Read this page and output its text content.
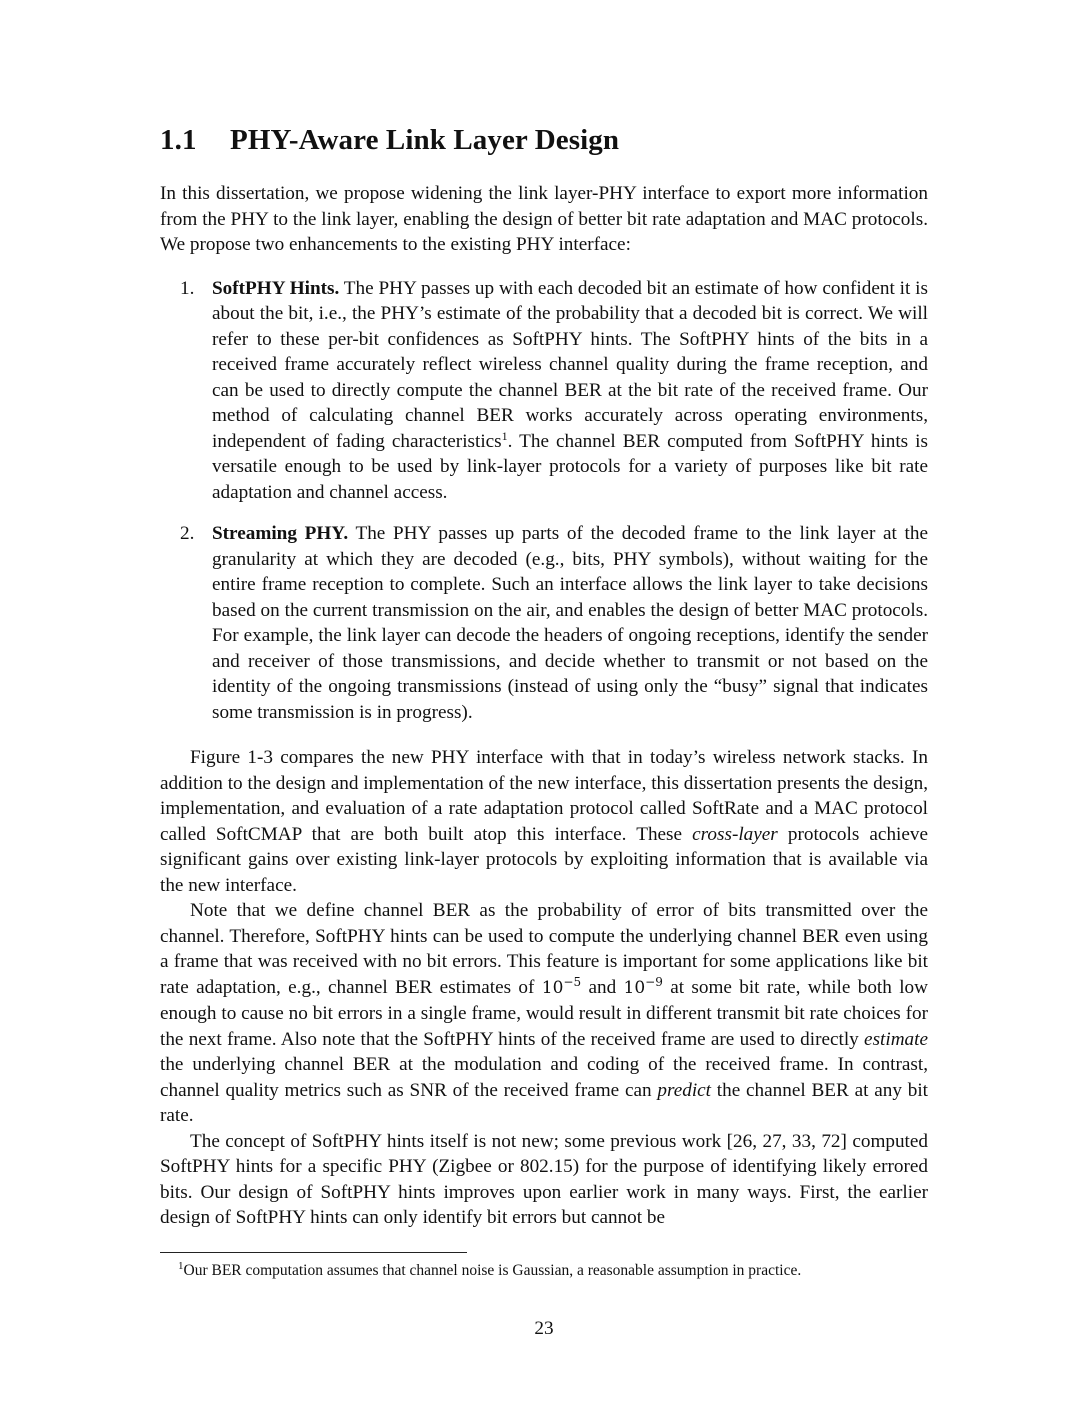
1.1 PHY-Aware Link Layer Design

In this dissertation, we propose widening the link layer-PHY interface to export more information from the PHY to the link layer, enabling the design of better bit rate adaptation and MAC protocols. We propose two enhancements to the existing PHY interface:

1. SoftPHY Hints. The PHY passes up with each decoded bit an estimate of how confident it is about the bit, i.e., the PHY’s estimate of the probability that a decoded bit is correct. We will refer to these per-bit confidences as SoftPHY hints. The SoftPHY hints of the bits in a received frame accurately reflect wireless channel quality during the frame reception, and can be used to directly compute the channel BER at the bit rate of the received frame. Our method of calculating channel BER works accurately across operating environments, independent of fading characteristics$^1$. The channel BER computed from SoftPHY hints is versatile enough to be used by link-layer protocols for a variety of purposes like bit rate adaptation and channel access.

2. Streaming PHY. The PHY passes up parts of the decoded frame to the link layer at the granularity at which they are decoded (e.g., bits, PHY symbols), without waiting for the entire frame reception to complete. Such an interface allows the link layer to take decisions based on the current transmission on the air, and enables the design of better MAC protocols. For example, the link layer can decode the headers of ongoing receptions, identify the sender and receiver of those transmissions, and decide whether to transmit or not based on the identity of the ongoing transmissions (instead of using only the “busy” signal that indicates some transmission is in progress).

Figure 1-3 compares the new PHY interface with that in today’s wireless network stacks. In addition to the design and implementation of the new interface, this dissertation presents the design, implementation, and evaluation of a rate adaptation protocol called SoftRate and a MAC protocol called SoftCMAP that are both built atop this interface. These cross-layer protocols achieve significant gains over existing link-layer protocols by exploiting information that is available via the new interface.

Note that we define channel BER as the probability of error of bits transmitted over the channel. Therefore, SoftPHY hints can be used to compute the underlying channel BER even using a frame that was received with no bit errors. This feature is important for some applications like bit rate adaptation, e.g., channel BER estimates of $10^{-5}$ and $10^{-9}$ at some bit rate, while both low enough to cause no bit errors in a single frame, would result in different transmit bit rate choices for the next frame. Also note that the SoftPHY hints of the received frame are used to directly estimate the underlying channel BER at the modulation and coding of the received frame. In contrast, channel quality metrics such as SNR of the received frame can predict the channel BER at any bit rate.

The concept of SoftPHY hints itself is not new; some previous work [26, 27, 33, 72] computed SoftPHY hints for a specific PHY (Zigbee or 802.15) for the purpose of identifying likely errored bits. Our design of SoftPHY hints improves upon earlier work in many ways. First, the earlier design of SoftPHY hints can only identify bit errors but cannot be

$^1$Our BER computation assumes that channel noise is Gaussian, a reasonable assumption in practice.
23
